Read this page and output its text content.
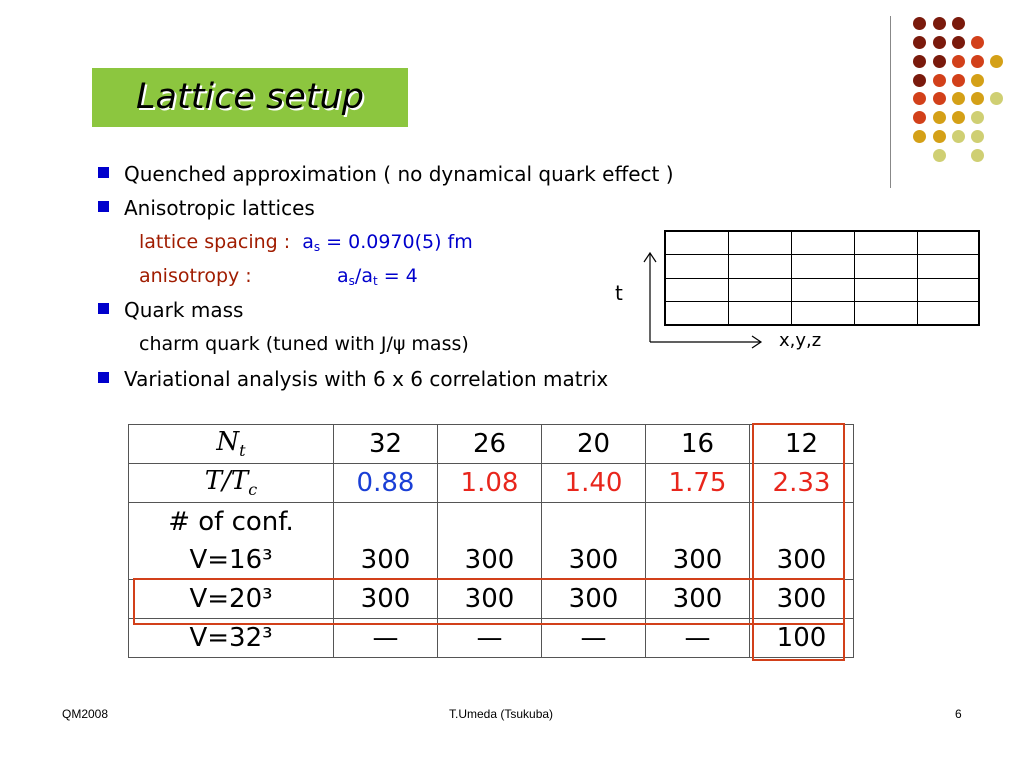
Lattice setup
Quenched approximation ( no dynamical quark effect )
Anisotropic lattices
lattice spacing : $a_s = 0.0970(5)$ fm
anisotropy :	$a_s/a_t = 4$
Quark mass
charm quark (tuned with J/ψ mass)
Variational analysis with 6 x 6 correlation matrix
t
x,y,z
$N_t$	32	26	20	16	12
$T/T_c$	0.88	1.08	1.40	1.75	2.33
# of conf.					
V=16³	300	300	300	300	300
V=20³	300	300	300	300	300
V=32³	—	—	—	—	100
QM2008	T.Umeda (Tsukuba)	6
